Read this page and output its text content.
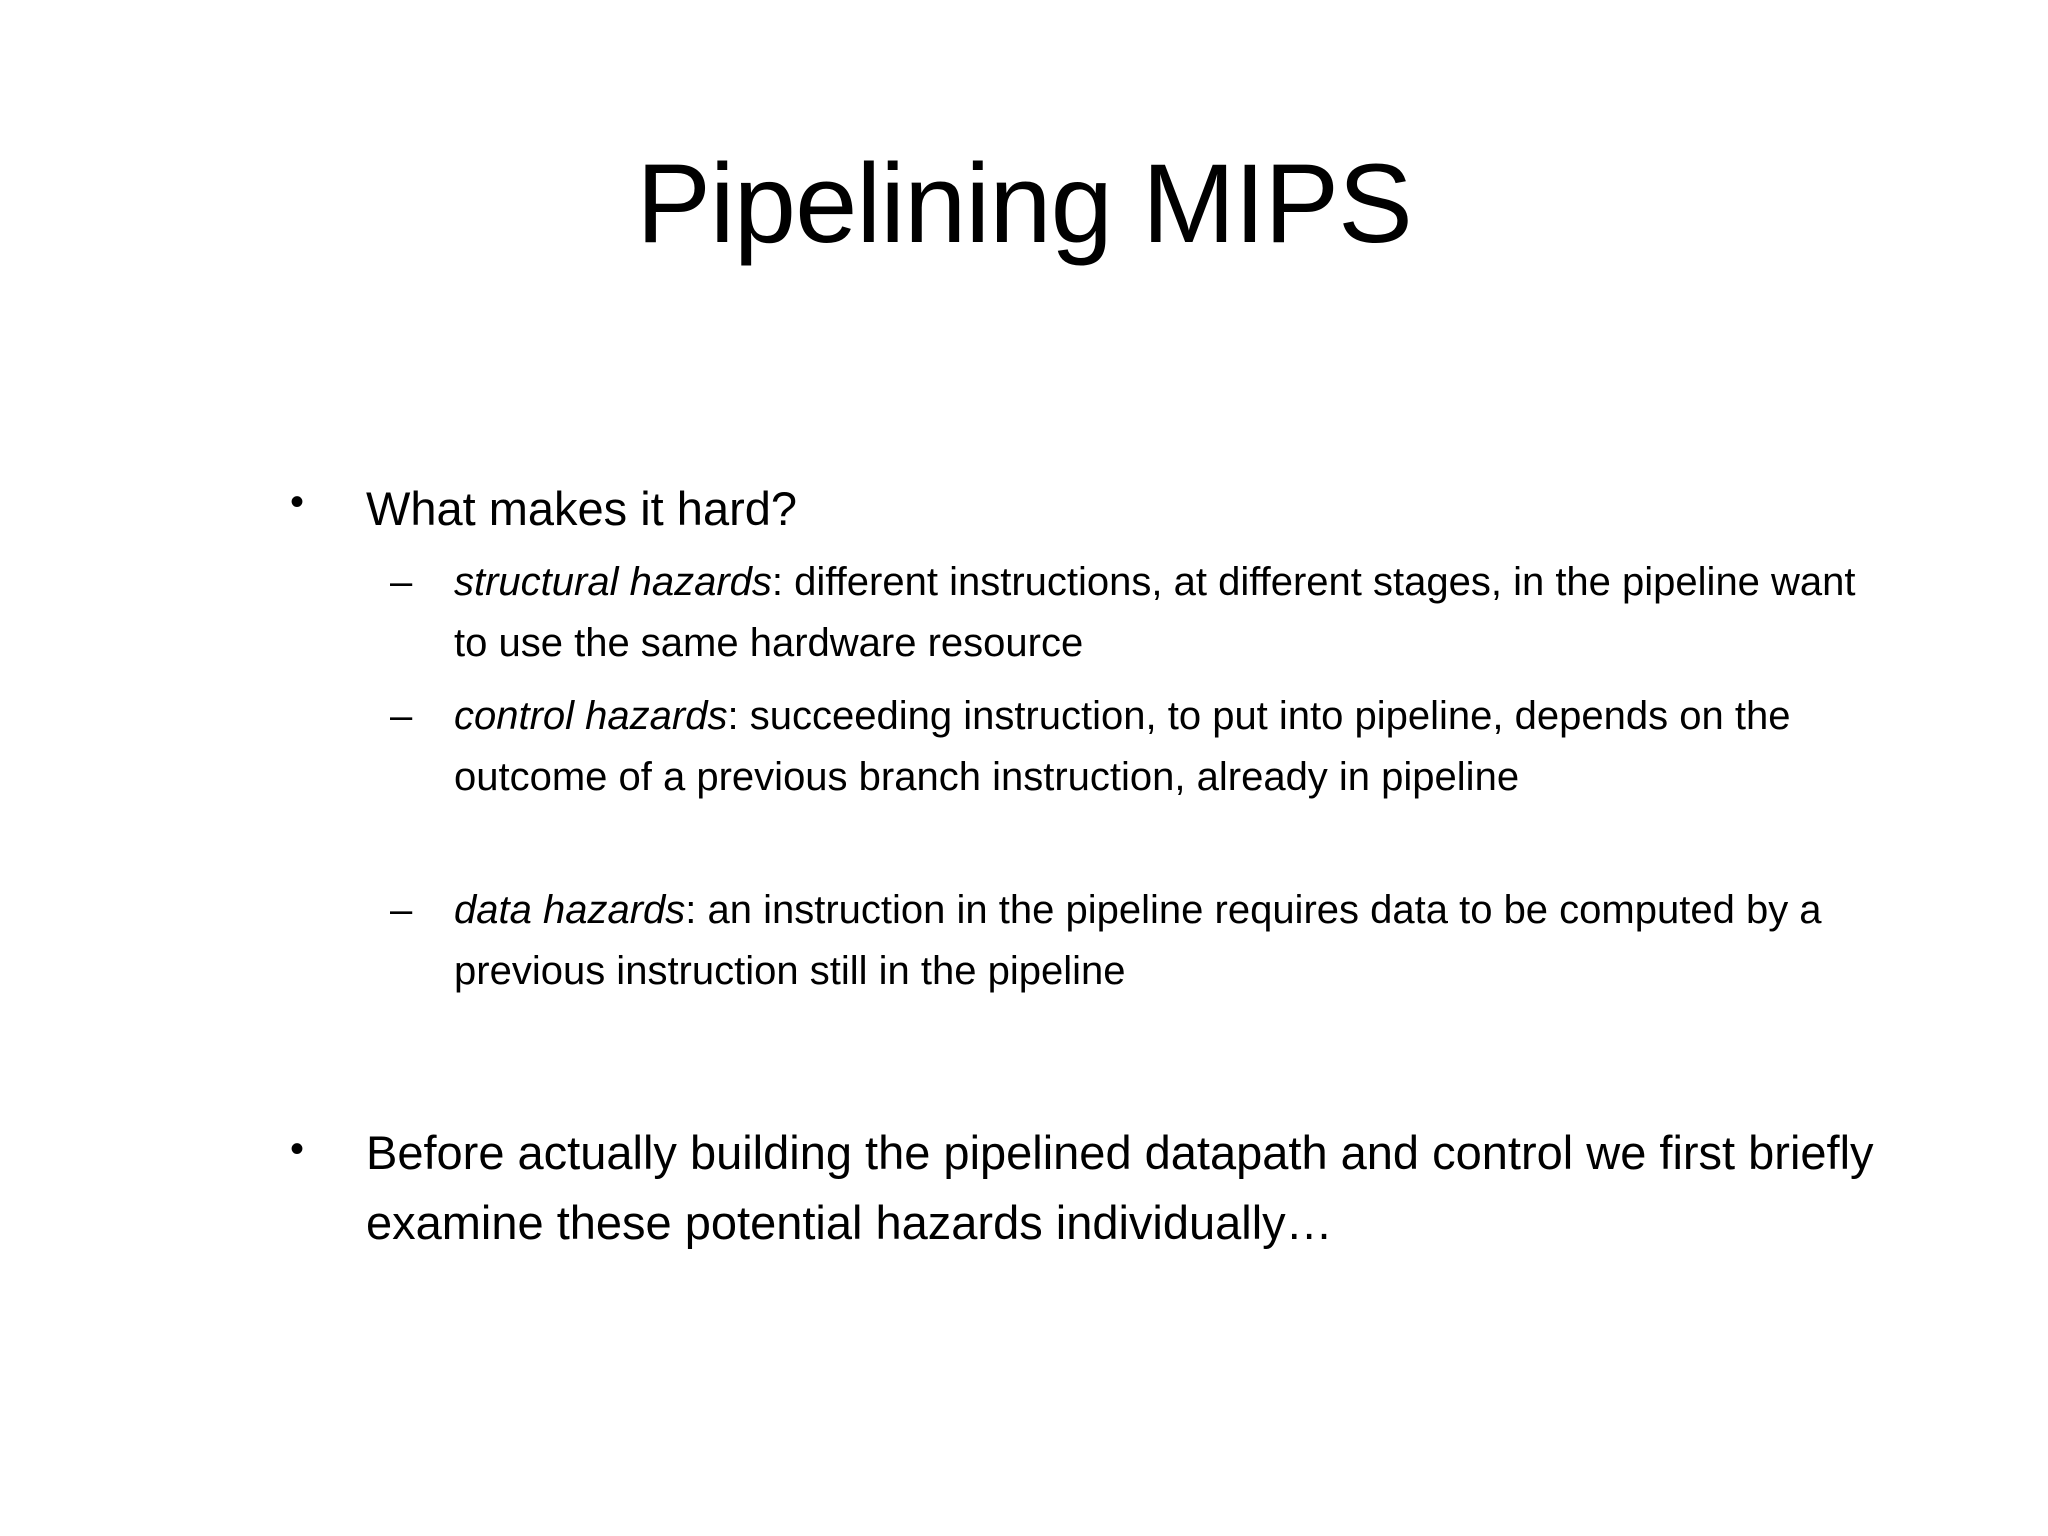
Pipelining MIPS
• What makes it hard?
– structural hazards: different instructions, at different stages, in the pipeline want to use the same hardware resource
– control hazards: succeeding instruction, to put into pipeline, depends on the outcome of a previous branch instruction, already in pipeline
– data hazards: an instruction in the pipeline requires data to be computed by a previous instruction still in the pipeline
• Before actually building the pipelined datapath and control we first briefly examine these potential hazards individually…
